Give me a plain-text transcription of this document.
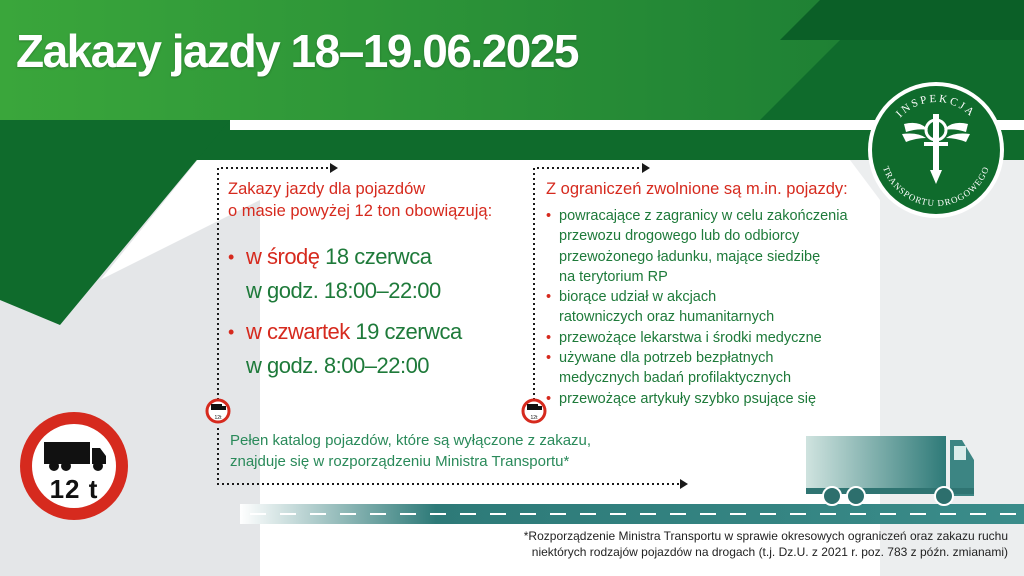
12t	12t
Zakazy jazdy 18–19.06.2025
INSPEKCJA
TRANSPORTU DROGOWEGO
Zakazy jazdy dla pojazdów
o masie powyżej 12 ton obowiązują:
• w środę 18 czerwca
w godz. 18:00–22:00
• w czwartek 19 czerwca
w godz. 8:00–22:00
Z ograniczeń zwolnione są m.in. pojazdy:
• powracające z zagranicy w celu zakończenia
przewozu drogowego lub do odbiorcy
przewożonego ładunku, mające siedzibę
na terytorium RP
• biorące udział w akcjach
ratowniczych oraz humanitarnych
• przewożące lekarstwa i środki medyczne
• używane dla potrzeb bezpłatnych
medycznych badań profilaktycznych
• przewożące artykuły szybko psujące się
Pełen katalog pojazdów, które są wyłączone z zakazu,
znajduje się w rozporządzeniu Ministra Transportu*
12 t
*Rozporządzenie Ministra Transportu w sprawie okresowych ograniczeń oraz zakazu ruchu
niektórych rodzajów pojazdów na drogach (t.j. Dz.U. z 2021 r. poz. 783 z późn. zmianami)
